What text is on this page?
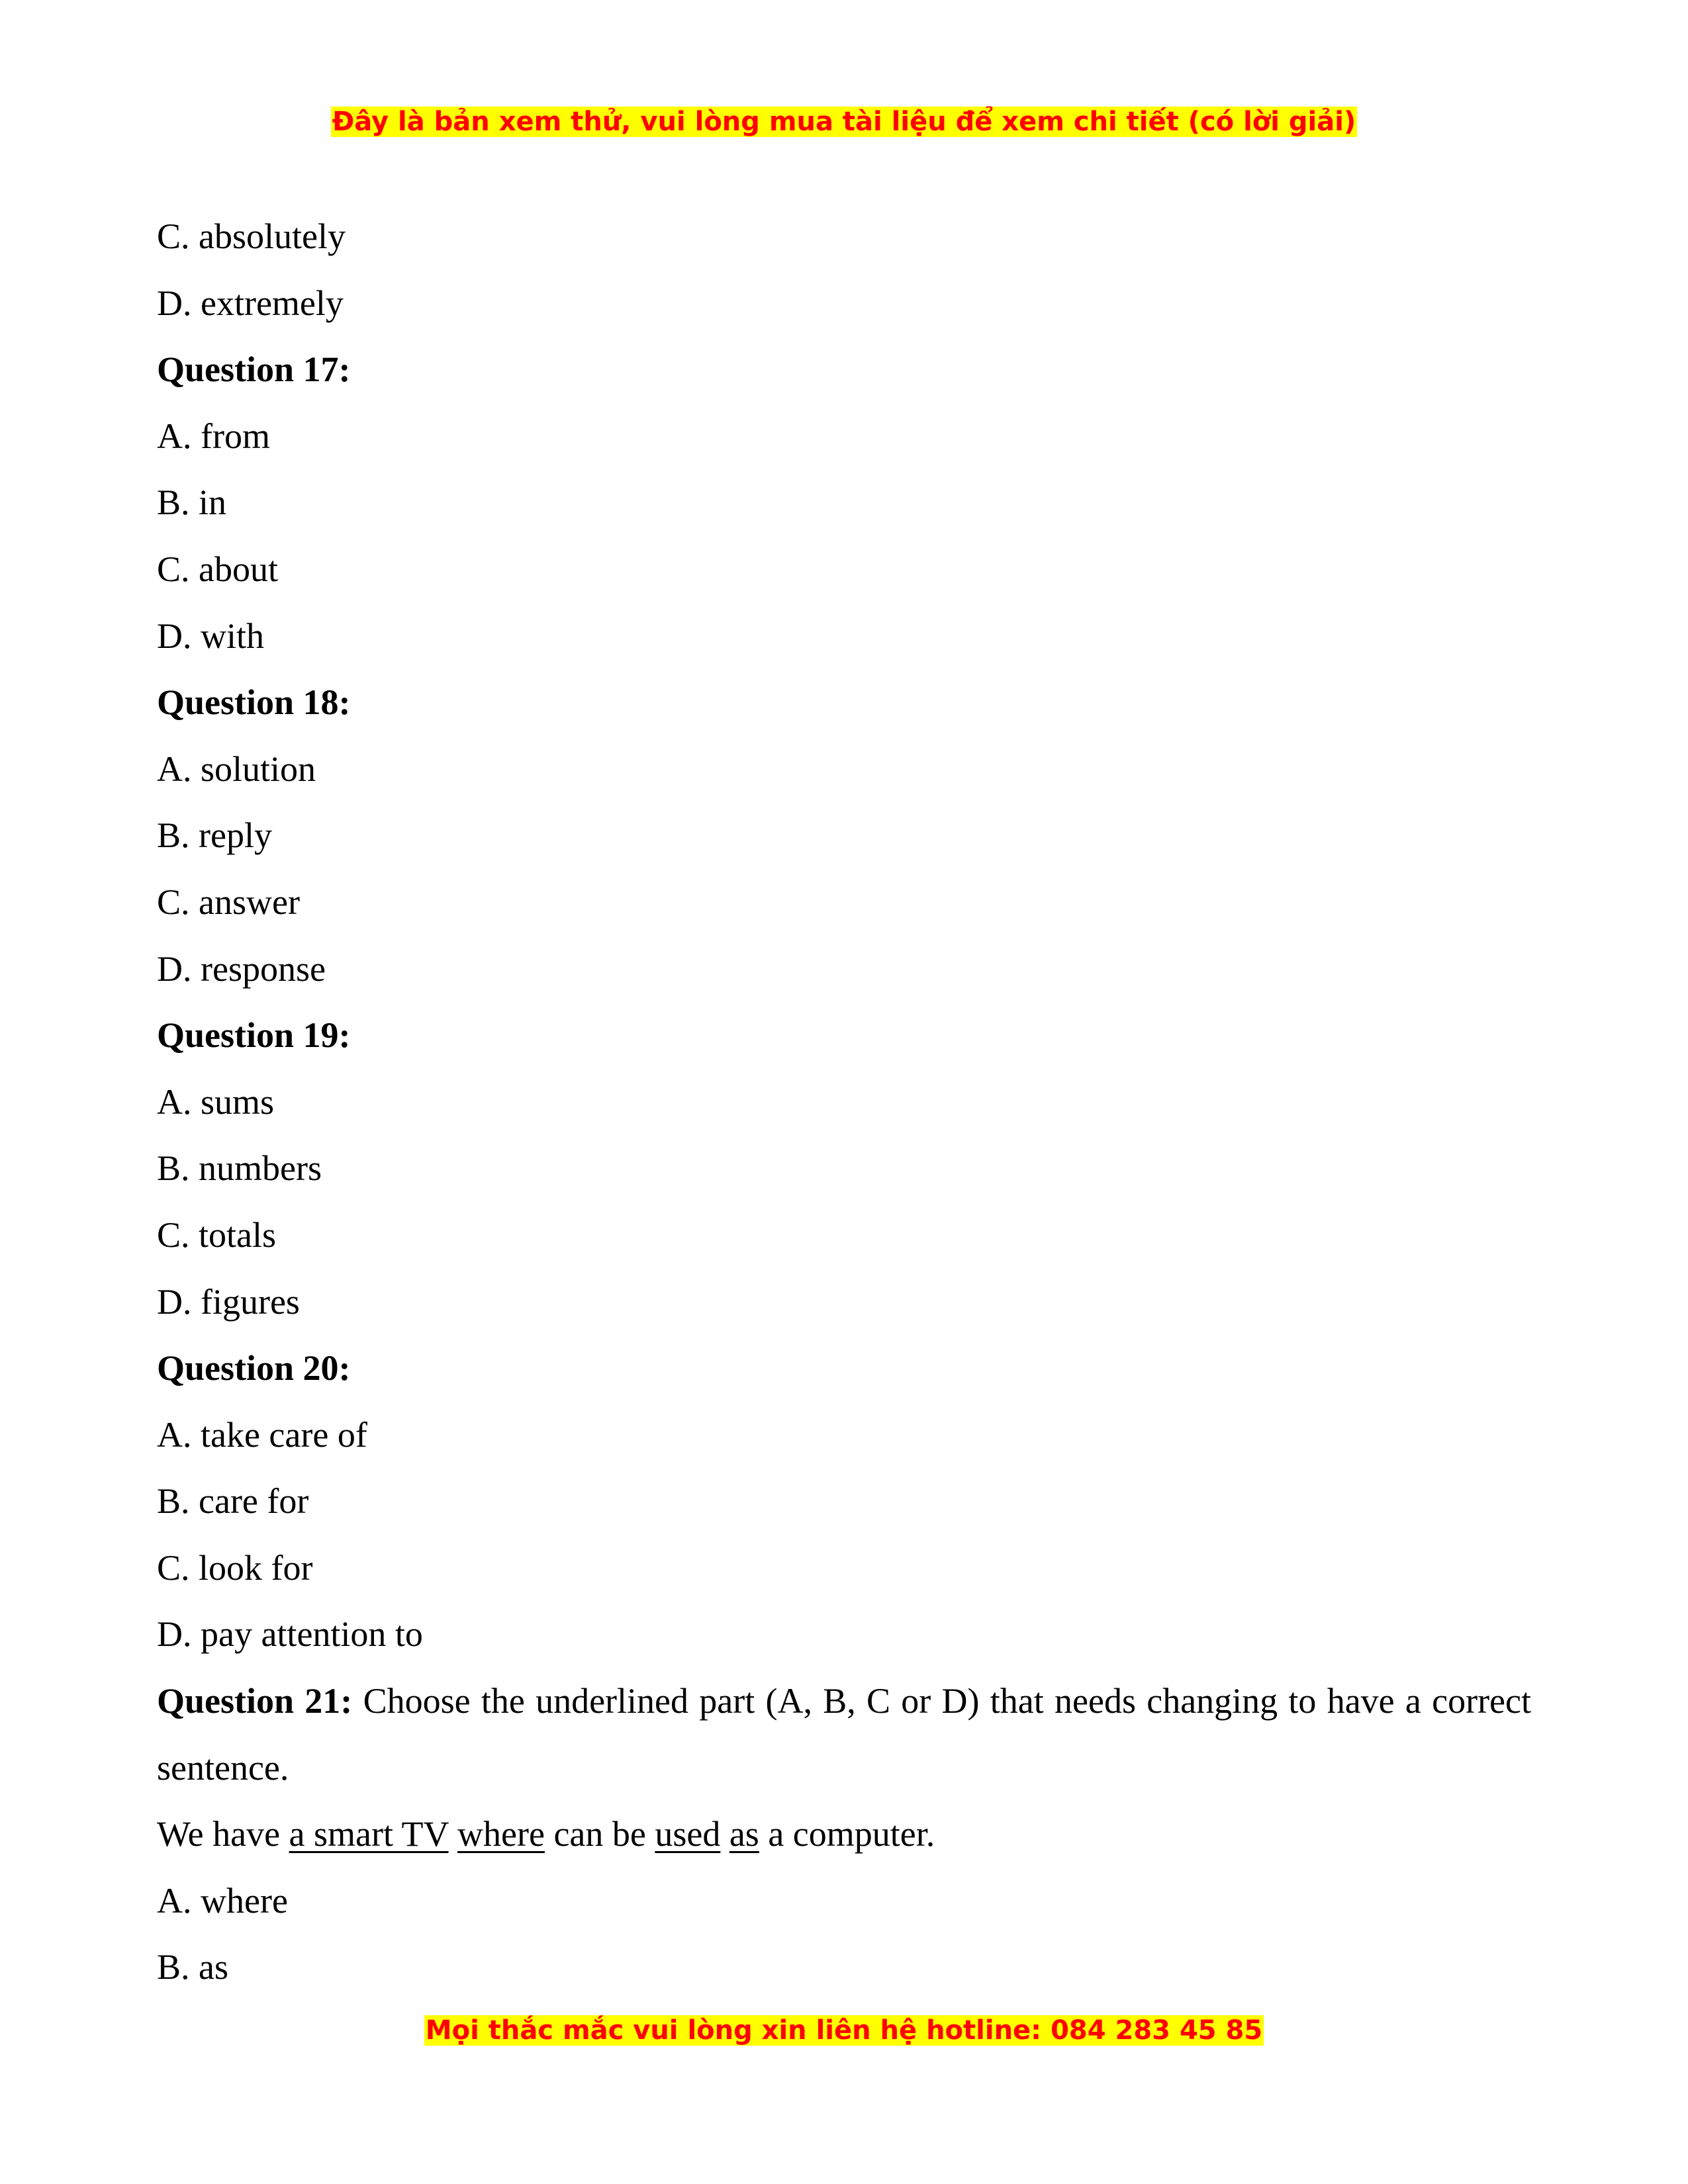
Đây là bản xem thử, vui lòng mua tài liệu để xem chi tiết (có lời giải)
C. absolutely
D. extremely
Question 17:
A. from
B. in
C. about
D. with
Question 18:
A. solution
B. reply
C. answer
D. response
Question 19:
A. sums
B. numbers
C. totals
D. figures
Question 20:
A. take care of
B. care for
C. look for
D. pay attention to
Question 21: Choose the underlined part (A, B, C or D) that needs changing to have a correct sentence.
We have a smart TV where can be used as a computer.
A. where
B. as
Mọi thắc mắc vui lòng xin liên hệ hotline: 084 283 45 85
